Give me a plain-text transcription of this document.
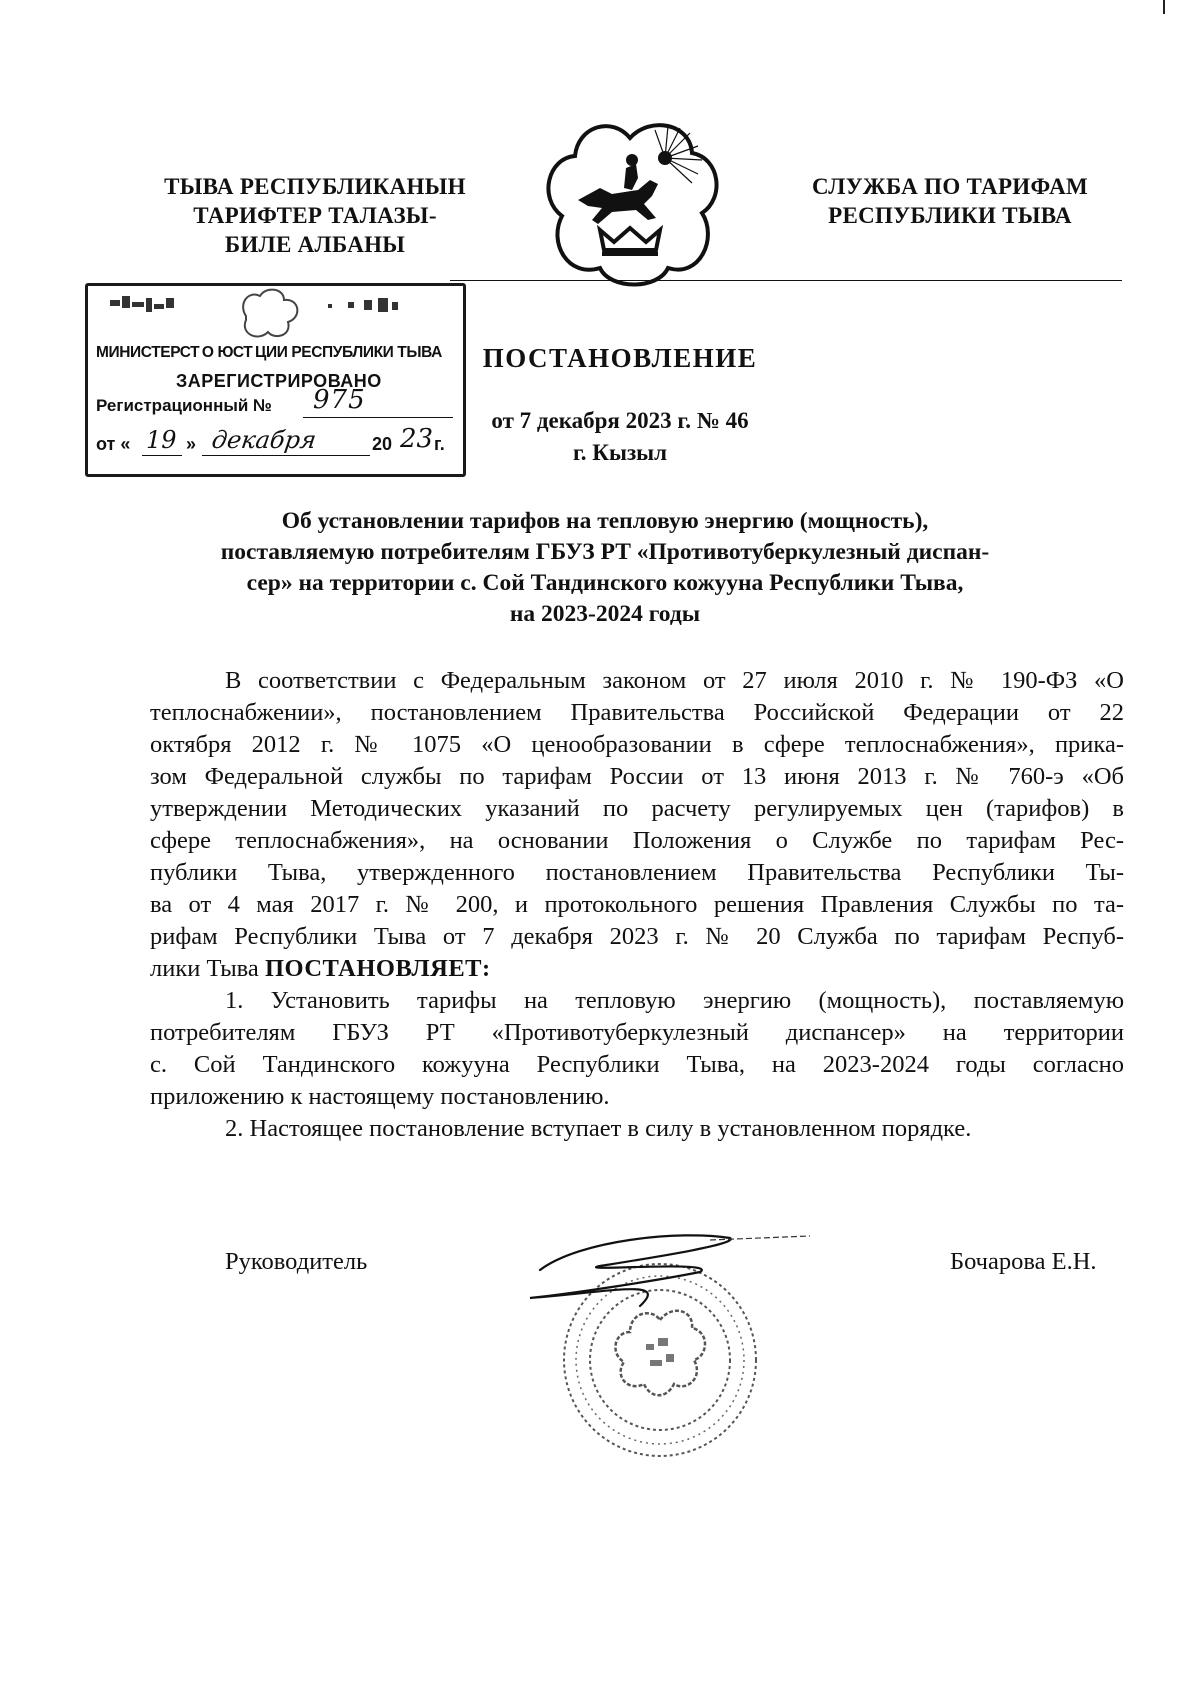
ТЫВА РЕСПУБЛИКАНЫН
ТАРИФТЕР ТАЛАЗЫ-
БИЛЕ АЛБАНЫ
СЛУЖБА ПО ТАРИФАМ
РЕСПУБЛИКИ ТЫВА
МИНИСТЕРСТ О ЮСТ ЦИИ РЕСПУБЛИКИ ТЫВА
ЗАРЕГИСТРИРОВАНО
Регистрационный № 975
от « 19 » декабря	20 23 г.
ПОСТАНОВЛЕНИЕ
от 7 декабря 2023 г. № 46
г. Кызыл
Об установлении тарифов на тепловую энергию (мощность),
поставляемую потребителям ГБУЗ РТ «Противотуберкулезный диспан-
сер» на территории с. Сой Тандинского кожууна Республики Тыва,
на 2023-2024 годы
В соответствии с Федеральным законом от 27 июля 2010 г. № 190-ФЗ «О
теплоснабжении», постановлением Правительства Российской Федерации от 22
октября 2012 г. № 1075 «О ценообразовании в сфере теплоснабжения», прика-
зом Федеральной службы по тарифам России от 13 июня 2013 г. № 760-э «Об
утверждении Методических указаний по расчету регулируемых цен (тарифов) в
сфере теплоснабжения», на основании Положения о Службе по тарифам Рес-
публики Тыва, утвержденного постановлением Правительства Республики Ты-
ва от 4 мая 2017 г. № 200, и протокольного решения Правления Службы по та-
рифам Республики Тыва от 7 декабря 2023 г. № 20 Служба по тарифам Респуб-
лики Тыва ПОСТАНОВЛЯЕТ:
1. Установить тарифы на тепловую энергию (мощность), поставляемую
потребителям ГБУЗ РТ «Противотуберкулезный диспансер» на территории
с. Сой Тандинского кожууна Республики Тыва, на 2023-2024 годы согласно
приложению к настоящему постановлению.
2. Настоящее постановление вступает в силу в установленном порядке.
Руководитель	Бочарова Е.Н.
